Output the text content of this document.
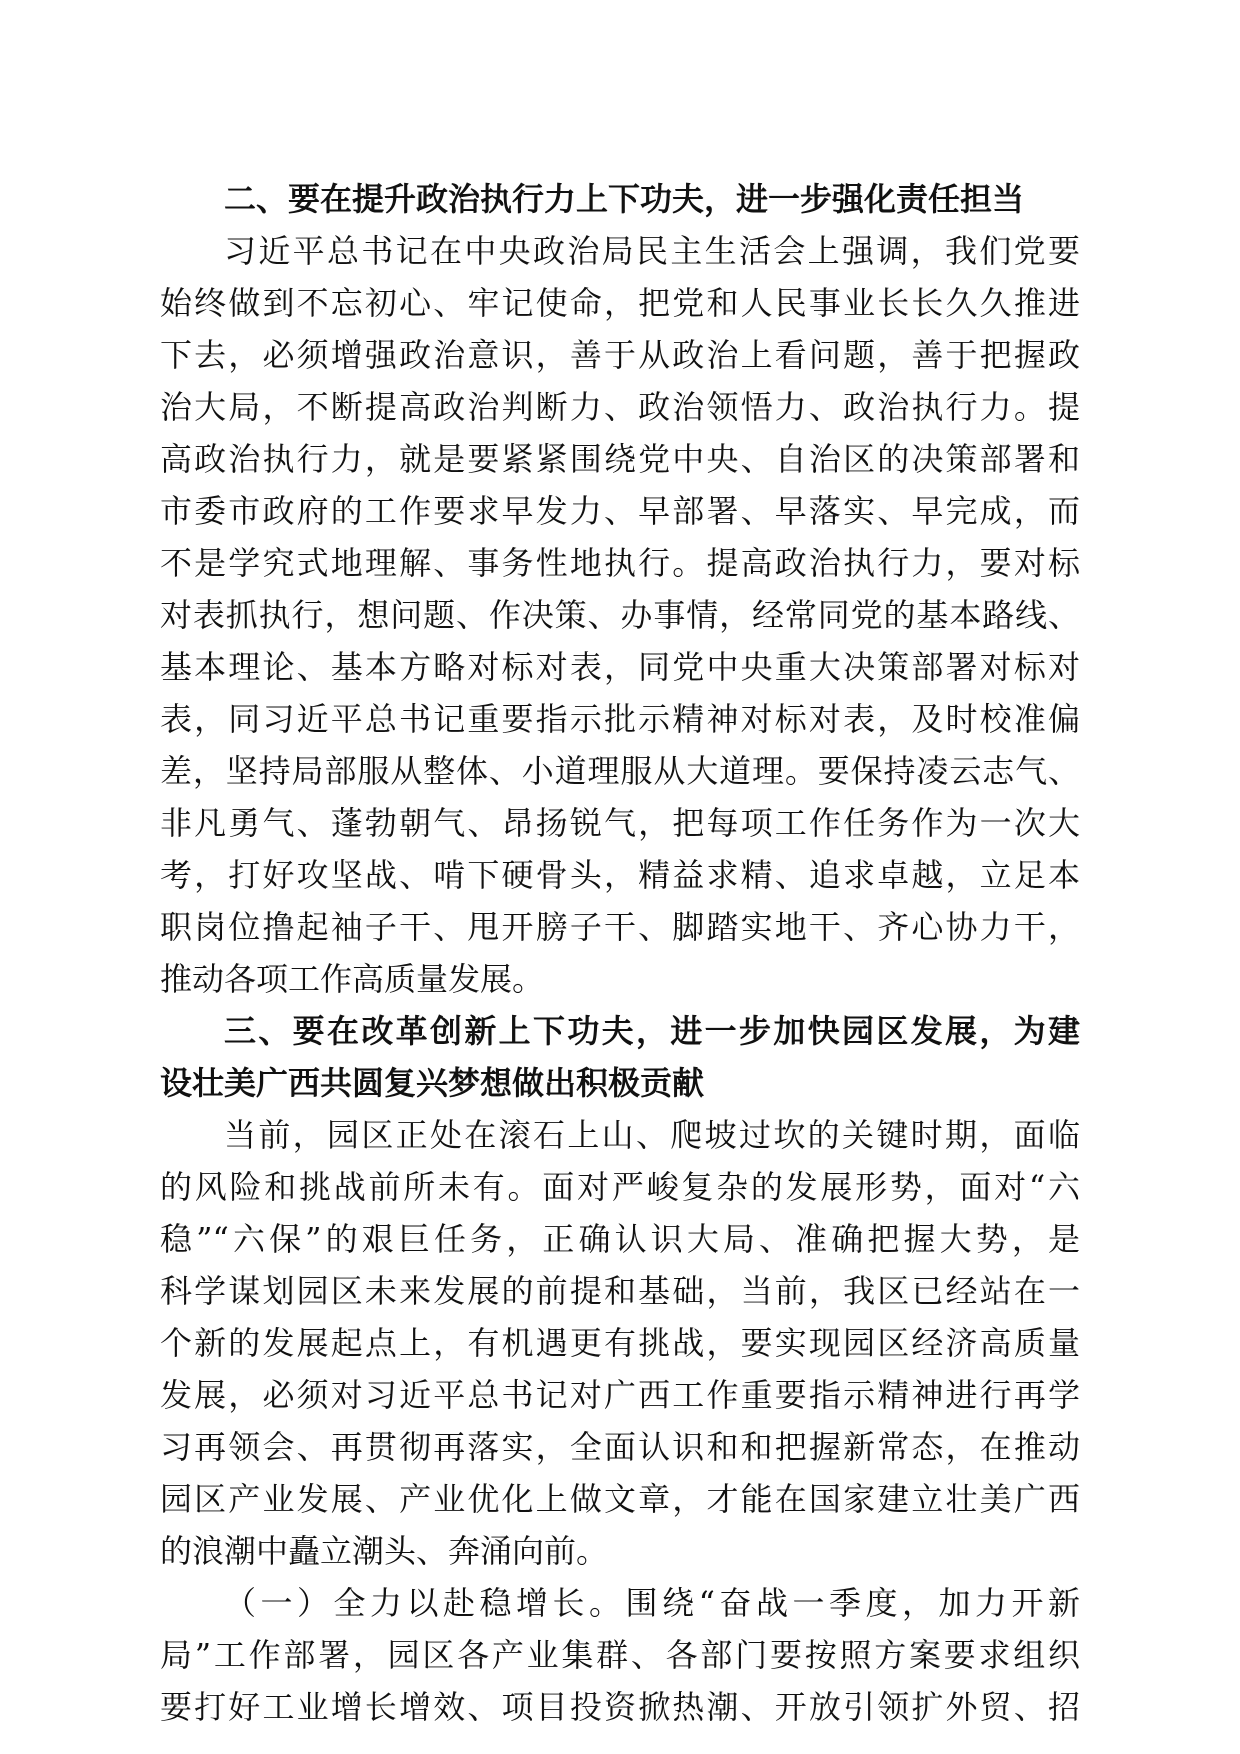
二、要在提升政治执行力上下功夫，进一步强化责任担当
习近平总书记在中央政治局民主生活会上强调，我们党要
始终做到不忘初心、牢记使命，把党和人民事业长长久久推进
下去，必须增强政治意识，善于从政治上看问题，善于把握政
治大局，不断提高政治判断力、政治领悟力、政治执行力。提
高政治执行力，就是要紧紧围绕党中央、自治区的决策部署和
市委市政府的工作要求早发力、早部署、早落实、早完成，而
不是学究式地理解、事务性地执行。提高政治执行力，要对标
对表抓执行，想问题、作决策、办事情，经常同党的基本路线、
基本理论、基本方略对标对表，同党中央重大决策部署对标对
表，同习近平总书记重要指示批示精神对标对表，及时校准偏
差，坚持局部服从整体、小道理服从大道理。要保持凌云志气、
非凡勇气、蓬勃朝气、昂扬锐气，把每项工作任务作为一次大
考，打好攻坚战、啃下硬骨头，精益求精、追求卓越，立足本
职岗位撸起袖子干、甩开膀子干、脚踏实地干、齐心协力干，
推动各项工作高质量发展。
三、要在改革创新上下功夫，进一步加快园区发展，为建
设壮美广西共圆复兴梦想做出积极贡献
当前，园区正处在滚石上山、爬坡过坎的关键时期，面临
的风险和挑战前所未有。面对严峻复杂的发展形势，面对“六
稳”“六保”的艰巨任务，正确认识大局、准确把握大势，是
科学谋划园区未来发展的前提和基础，当前，我区已经站在一
个新的发展起点上，有机遇更有挑战，要实现园区经济高质量
发展，必须对习近平总书记对广西工作重要指示精神进行再学
习再领会、再贯彻再落实，全面认识和和把握新常态，在推动
园区产业发展、产业优化上做文章，才能在国家建立壮美广西
的浪潮中矗立潮头、奔涌向前。
（一）全力以赴稳增长。围绕“奋战一季度，加力开新
局”工作部署，园区各产业集群、各部门要按照方案要求组织
要打好工业增长增效、项目投资掀热潮、开放引领扩外贸、招
